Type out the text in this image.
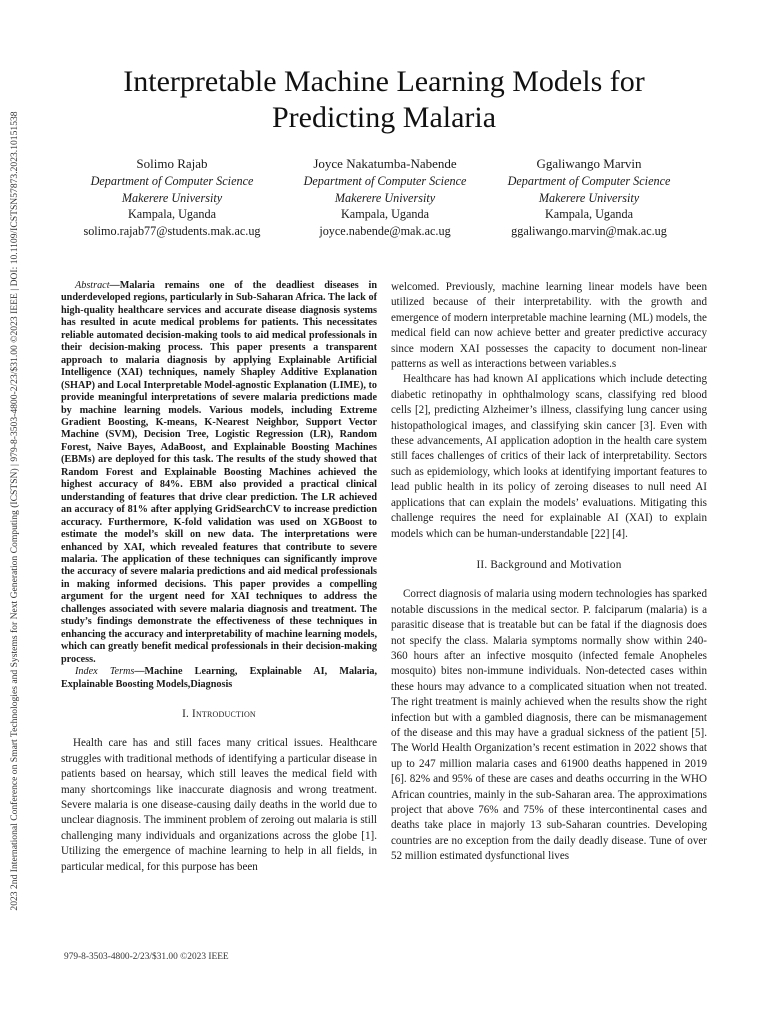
2023 2nd International Conference on Smart Technologies and Systems for Next Generation Computing (ICSTSN) | 979-8-3503-4800-2/23/$31.00 ©2023 IEEE | DOI: 10.1109/ICSTSN57873.2023.10151538
Interpretable Machine Learning Models for Predicting Malaria
Solimo Rajab
Department of Computer Science
Makerere University
Kampala, Uganda
solimo.rajab77@students.mak.ac.ug
Joyce Nakatumba-Nabende
Department of Computer Science
Makerere University
Kampala, Uganda
joyce.nabende@mak.ac.ug
Ggaliwango Marvin
Department of Computer Science
Makerere University
Kampala, Uganda
ggaliwango.marvin@mak.ac.ug

Abstract—Malaria remains one of the deadliest diseases in underdeveloped regions, particularly in Sub-Saharan Africa. The lack of high-quality healthcare services and accurate disease diagnosis systems has resulted in acute medical problems for patients. This necessitates reliable automated decision-making tools to aid medical professionals in their decision-making process. This paper presents a transparent approach to malaria diagnosis by applying Explainable Artificial Intelligence (XAI) techniques, namely Shapley Additive Explanation (SHAP) and Local Interpretable Model-agnostic Explanation (LIME), to provide meaningful interpretations of severe malaria predictions made by machine learning models. Various models, including Extreme Gradient Boosting, K-means, K-Nearest Neighbor, Support Vector Machine (SVM), Decision Tree, Logistic Regression (LR), Random Forest, Naive Bayes, AdaBoost, and Explainable Boosting Machines (EBMs) are deployed for this task. The results of the study showed that Random Forest and Explainable Boosting Machines achieved the highest accuracy of 84%. EBM also provided a practical clinical understanding of features that drive clear prediction. The LR achieved an accuracy of 81% after applying GridSearchCV to increase prediction accuracy. Furthermore, K-fold validation was used on XGBoost to estimate the model’s skill on new data. The interpretations were enhanced by XAI, which revealed features that contribute to severe malaria. The application of these techniques can significantly improve the accuracy of severe malaria predictions and aid medical professionals in making informed decisions. This paper provides a compelling argument for the urgent need for XAI techniques to address the challenges associated with severe malaria diagnosis and treatment. The study’s findings demonstrate the effectiveness of these techniques in enhancing the accuracy and interpretability of machine learning models, which can greatly benefit medical professionals in their decision-making process.

Index Terms—Machine Learning, Explainable AI, Malaria, Explainable Boosting Models,Diagnosis

I. Introduction

Health care has and still faces many critical issues. Healthcare struggles with traditional methods of identifying a particular disease in patients based on hearsay, which still leaves the medical field with many shortcomings like inaccurate diagnosis and wrong treatment. Severe malaria is one disease-causing daily deaths in the world due to unclear diagnosis. The imminent problem of zeroing out malaria is still challenging many individuals and organizations across the globe [1]. Utilizing the emergence of machine learning to help in all fields, in particular medical, for this purpose has been

welcomed. Previously, machine learning linear models have been utilized because of their interpretability. with the growth and emergence of modern interpretable machine learning (ML) models, the medical field can now achieve better and greater predictive accuracy since modern XAI possesses the capacity to document non-linear patterns as well as interactions between variables.s

Healthcare has had known AI applications which include detecting diabetic retinopathy in ophthalmology scans, classifying red blood cells [2], predicting Alzheimer’s illness, classifying lung cancer using histopathological images, and classifying skin cancer [3]. Even with these advancements, AI application adoption in the health care system still faces challenges of critics of their lack of interpretability. Sectors such as epidemiology, which looks at identifying important features to lead public health in its policy of zeroing diseases to null need AI applications that can explain the models’ evaluations. Mitigating this challenge requires the need for explainable AI (XAI) to explain models which can be human-understandable [22] [4].

II. Background and Motivation

Correct diagnosis of malaria using modern technologies has sparked notable discussions in the medical sector. P. falciparum (malaria) is a parasitic disease that is treatable but can be fatal if the diagnosis does not specify the class. Malaria symptoms normally show within 240-360 hours after an infective mosquito (infected female Anopheles mosquito) bites non-immune individuals. Non-detected cases within these hours may advance to a complicated situation when not treated. The right treatment is mainly achieved when the results show the right infection but with a gambled diagnosis, there can be mismanagement of the disease and this may have a gradual sickness of the patient [5]. The World Health Organization’s recent estimation in 2022 shows that up to 247 million malaria cases and 61900 deaths happened in 2019 [6]. 82% and 95% of these are cases and deaths occurring in the WHO African countries, mainly in the sub-Saharan area. The approximations project that above 76% and 75% of these intercontinental cases and deaths take place in majorly 13 sub-Saharan countries. Developing countries are no exception from the daily deadly disease. Tune of over 52 million estimated dysfunctional lives

979-8-3503-4800-2/23/$31.00 ©2023 IEEE
